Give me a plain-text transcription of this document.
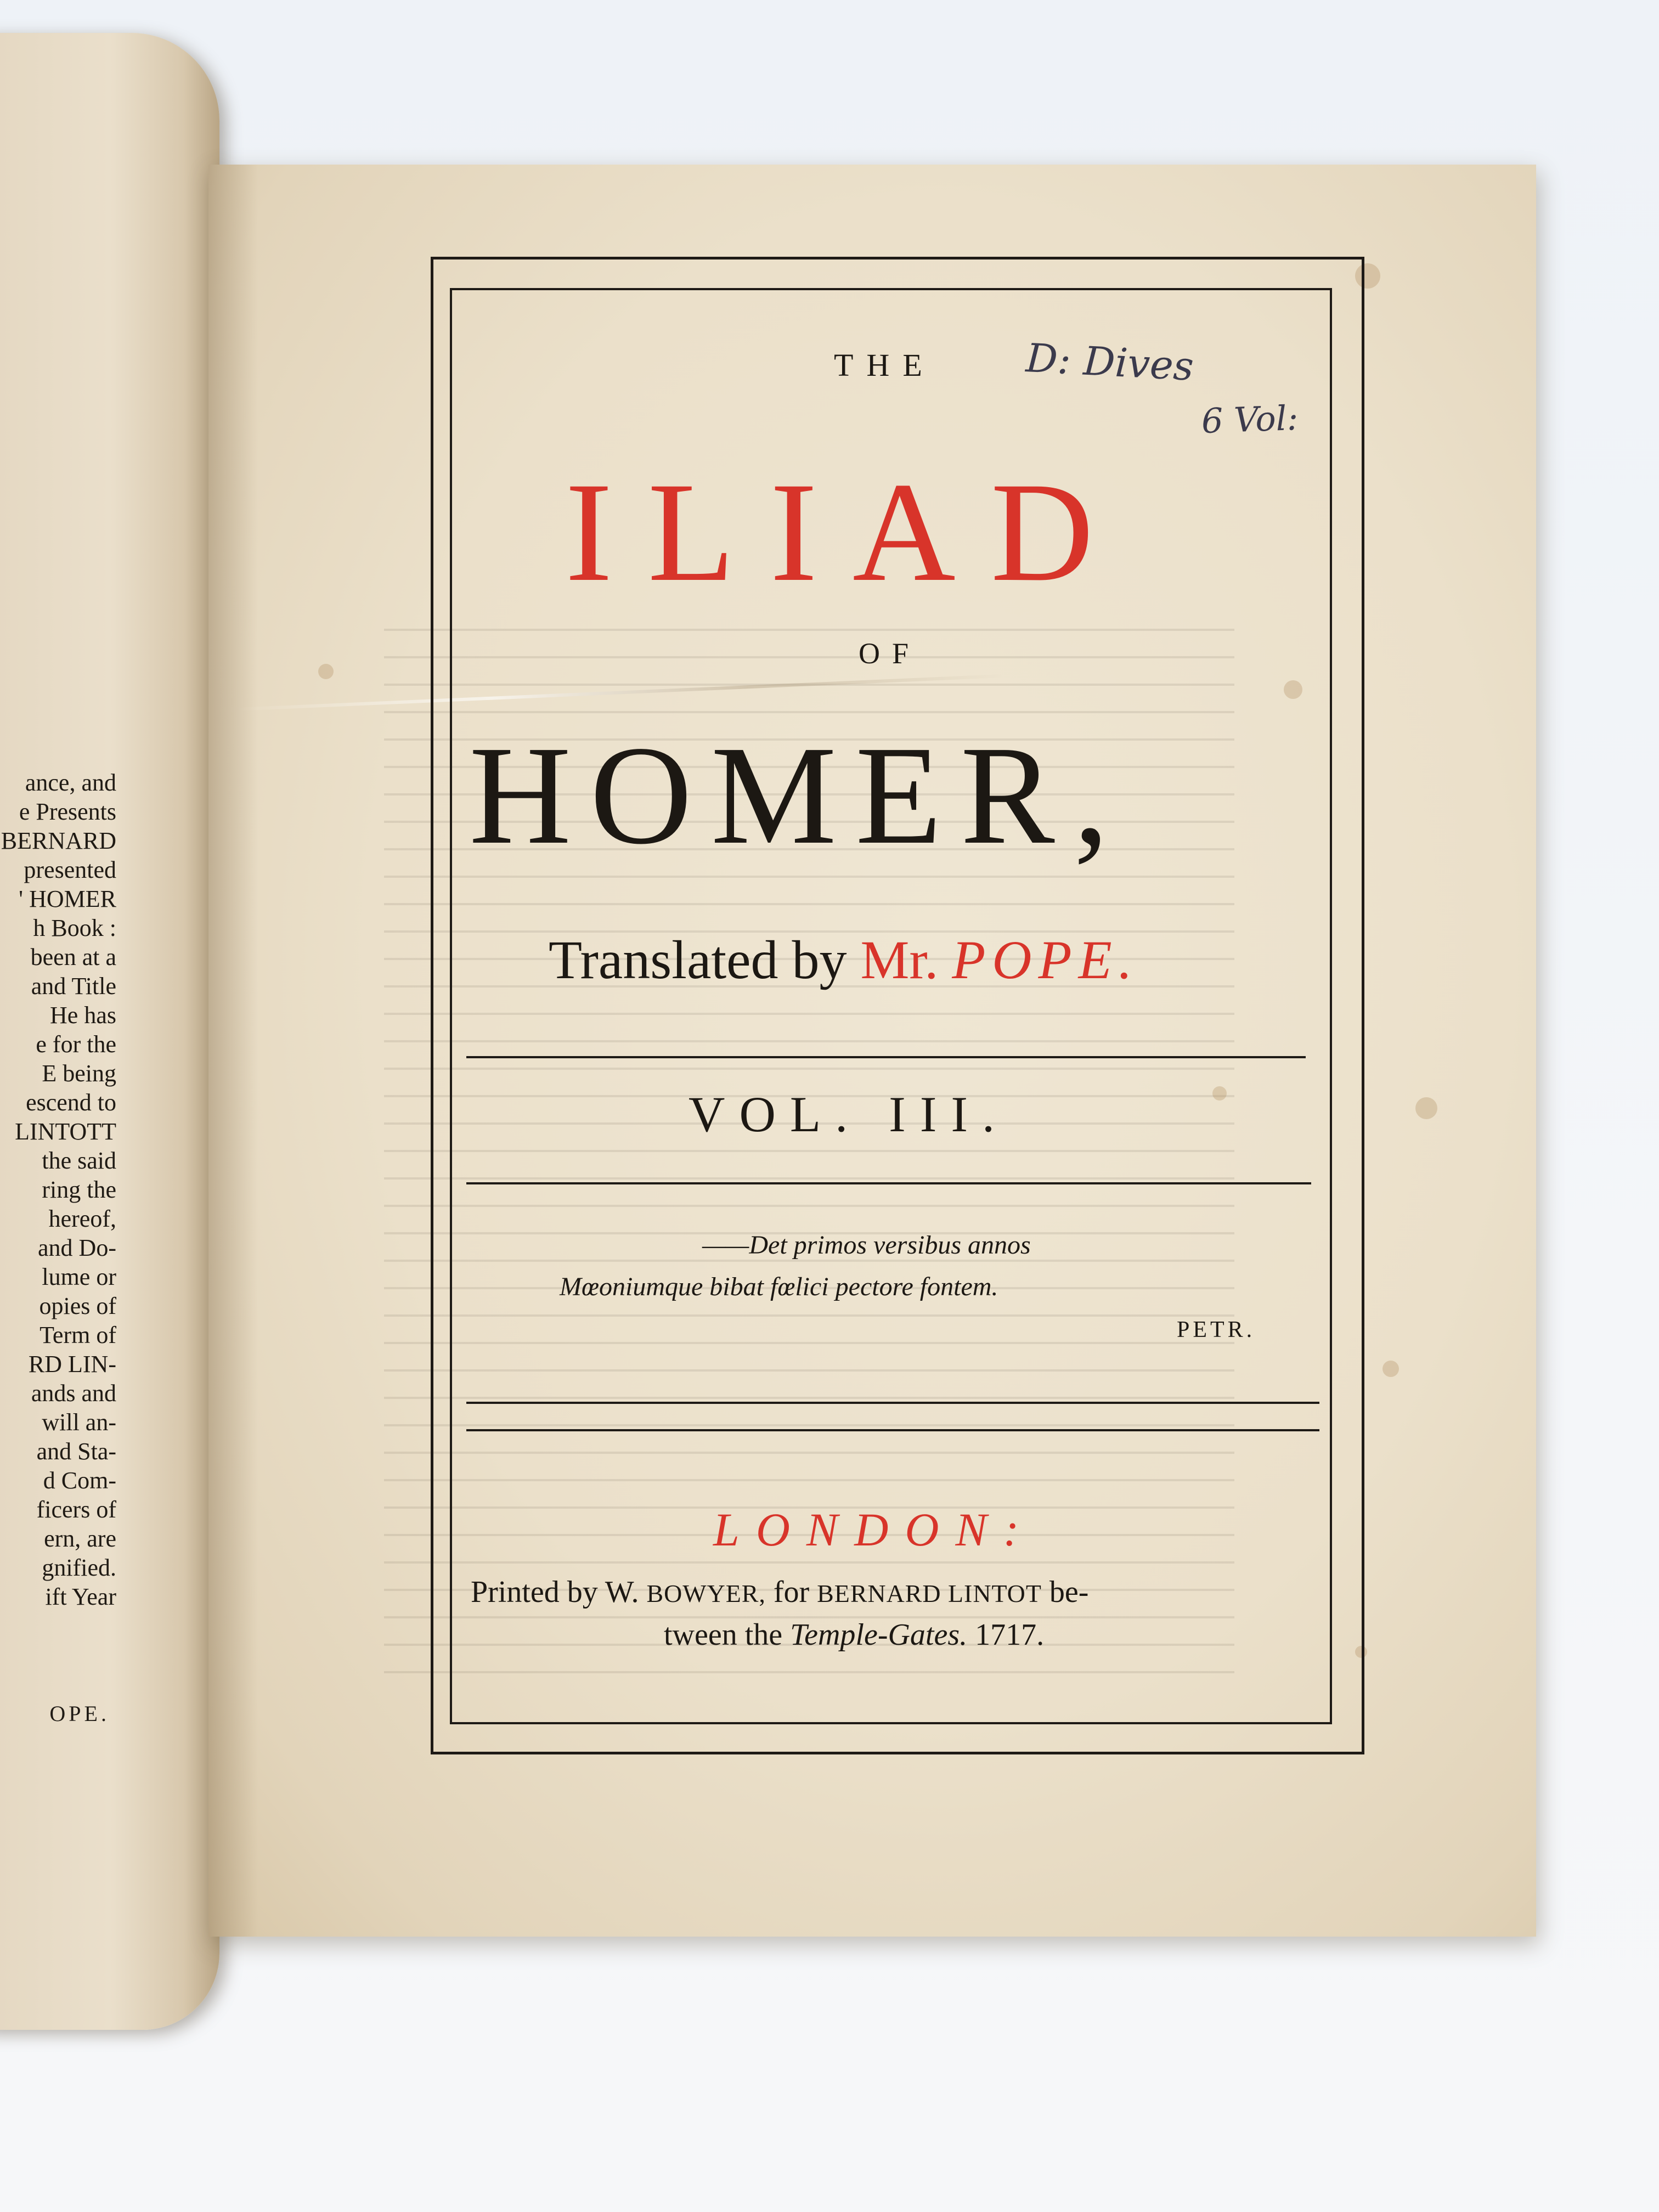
ance, and
e Presents
BERNARD
presented
' HOMER
h Book :
been at a
and Title
He has
e for the
E being
escend to
LINTOTT
the said
ring the
hereof,
and Do-
lume or
opies of
Term of
RD LIN-
ands and
will an-
and Sta-
d Com-
ficers of
ern, are
gnified.
ift Year
OPE.
THE
ILIAD
OF
HOMER,
Translated by Mr. POPE.
VOL. III.
——Det primos versibus annos
Mœoniumque bibat fœlici pectore fontem.
PETR.
LONDON:
Printed by W. BOWYER, for BERNARD LINTOT be-
tween the Temple-Gates. 1717.
D: Dives
6 Vol:
